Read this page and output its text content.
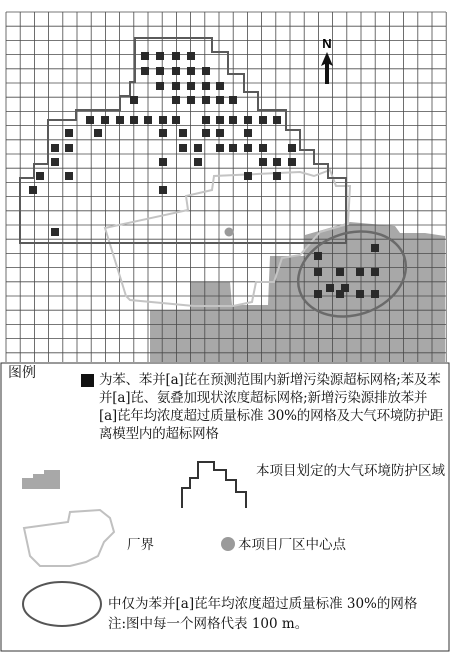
N
图例	为苯、苯并[a]芘在预测范围内新增污染源超标网格;苯及苯并[a]芘、氨叠加现状浓度超标网格;新增污染源排放苯并[a]芘年均浓度超过质量标准 30%的网格及大气环境防护距离模型内的超标网格
本项目划定的大气环境防护区域
厂界	本项目厂区中心点
中仅为苯并[a]芘年均浓度超过质量标准 30%的网格
注:图中每一个网格代表 100 m。
